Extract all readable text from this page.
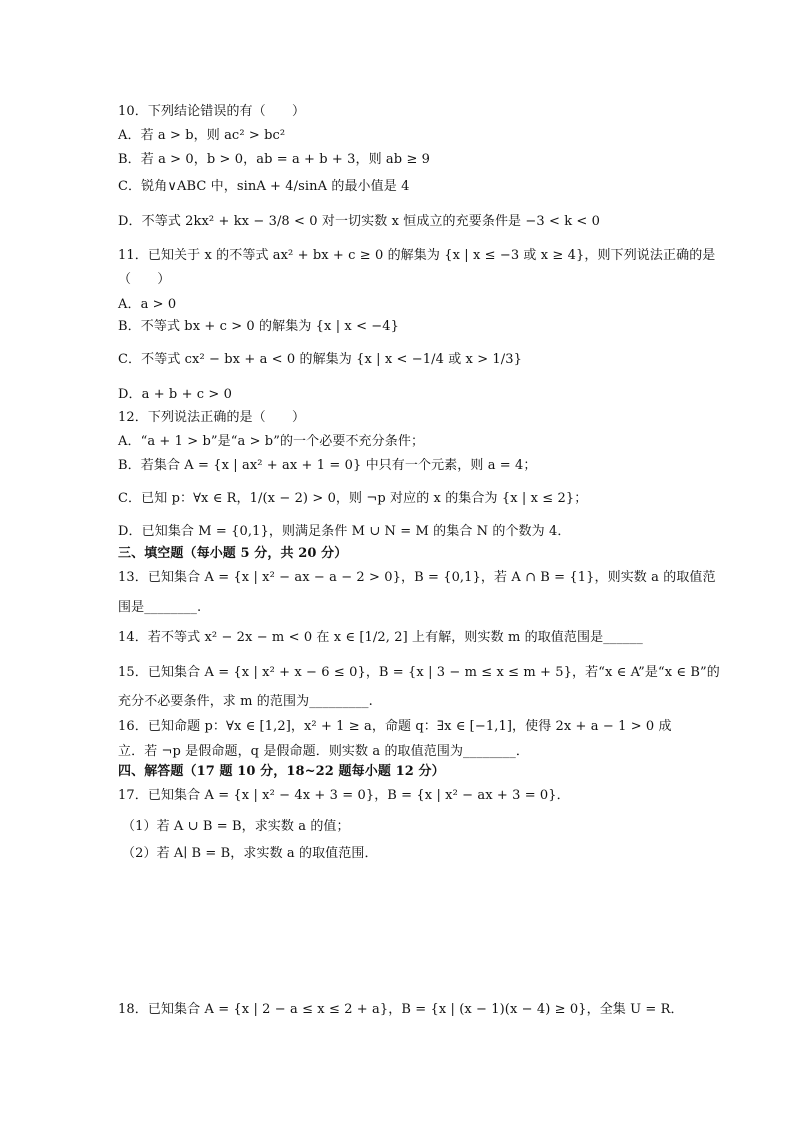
10．下列结论错误的有（　　）
A．若 a > b，则 ac² > bc²
B．若 a > 0，b > 0，ab = a + b + 3，则 ab ≥ 9
C．锐角∨ABC 中，sinA + 4/sinA 的最小值是 4
D．不等式 2kx² + kx − 3/8 < 0 对一切实数 x 恒成立的充要条件是 −3 < k < 0
11．已知关于 x 的不等式 ax² + bx + c ≥ 0 的解集为 {x | x ≤ −3 或 x ≥ 4}，则下列说法正确的是
（　　）
A．a > 0
B．不等式 bx + c > 0 的解集为 {x | x < −4}
C．不等式 cx² − bx + a < 0 的解集为 {x | x < −1/4 或 x > 1/3}
D．a + b + c > 0
12．下列说法正确的是（　　）
A．“a + 1 > b”是“a > b”的一个必要不充分条件；
B．若集合 A = {x | ax² + ax + 1 = 0} 中只有一个元素，则 a = 4；
C．已知 p：∀x ∈ R，1/(x − 2) > 0，则 ¬p 对应的 x 的集合为 {x | x ≤ 2}；
D．已知集合 M = {0,1}，则满足条件 M ∪ N = M 的集合 N 的个数为 4．
三、填空题（每小题 5 分，共 20 分）
13．已知集合 A = {x | x² − ax − a − 2 > 0}，B = {0,1}，若 A ∩ B = {1}，则实数 a 的取值范
围是________.
14．若不等式 x² − 2x − m < 0 在 x ∈ [1/2, 2] 上有解，则实数 m 的取值范围是______
15．已知集合 A = {x | x² + x − 6 ≤ 0}，B = {x | 3 − m ≤ x ≤ m + 5}，若“x ∈ A”是“x ∈ B”的
充分不必要条件，求 m 的范围为_________.
16．已知命题 p：∀x ∈ [1,2]，x² + 1 ≥ a，命题 q：∃x ∈ [−1,1]，使得 2x + a − 1 > 0 成
立．若 ¬p 是假命题，q 是假命题．则实数 a 的取值范围为________．
四、解答题（17 题 10 分，18~22 题每小题 12 分）
17．已知集合 A = {x | x² − 4x + 3 = 0}，B = {x | x² − ax + 3 = 0}．
（1）若 A ∪ B = B，求实数 a 的值；
（2）若 A∣ B = B，求实数 a 的取值范围．
18．已知集合 A = {x | 2 − a ≤ x ≤ 2 + a}，B = {x | (x − 1)(x − 4) ≥ 0}，全集 U = R．
